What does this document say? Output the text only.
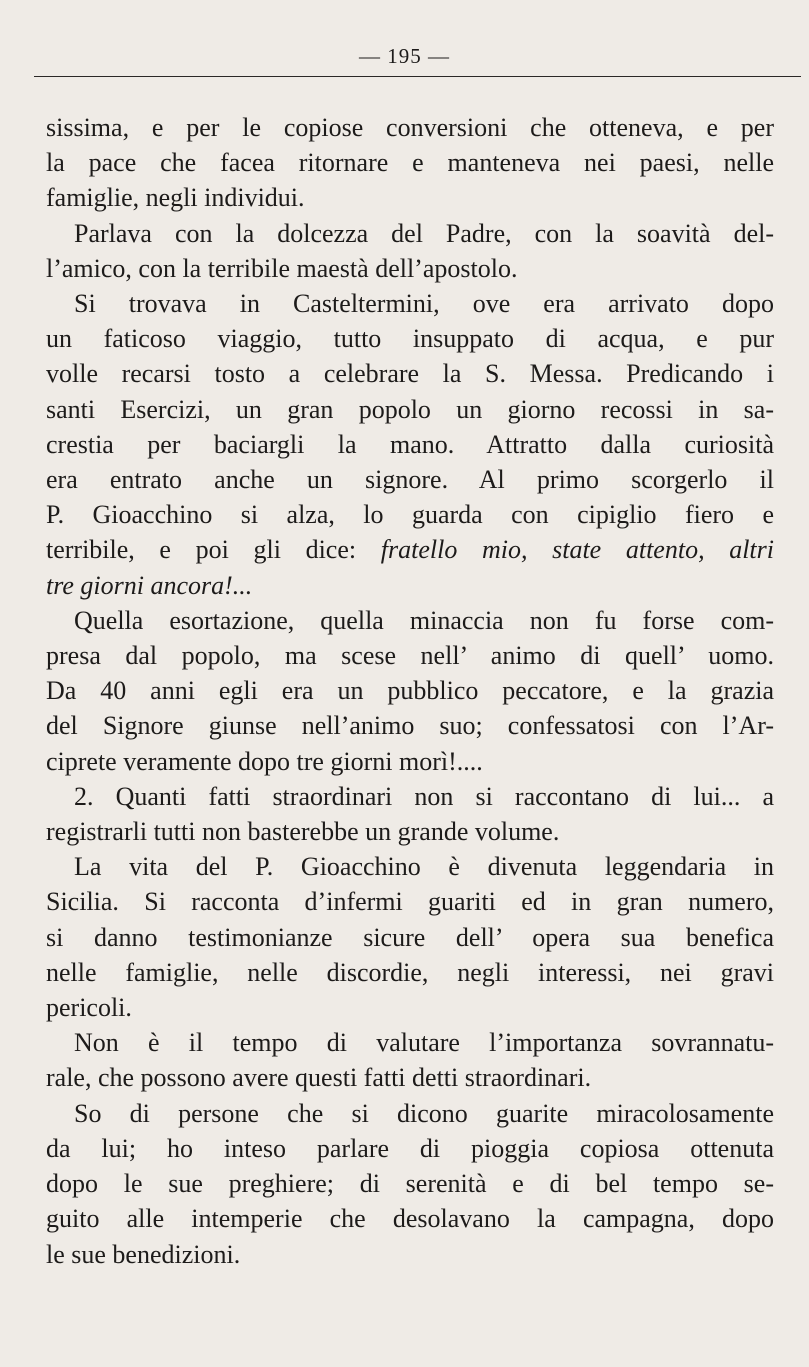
— 195 —
sissima, e per le copiose conversioni che otteneva, e per
la pace che facea ritornare e manteneva nei paesi, nelle
famiglie, negli individui.
Parlava con la dolcezza del Padre, con la soavità del-
l’amico, con la terribile maestà dell’apostolo.
Si trovava in Casteltermini, ove era arrivato dopo
un faticoso viaggio, tutto insuppato di acqua, e pur
volle recarsi tosto a celebrare la S. Messa. Predicando i
santi Esercizi, un gran popolo un giorno recossi in sa-
crestia per baciargli la mano. Attratto dalla curiosità
era entrato anche un signore. Al primo scorgerlo il
P. Gioacchino si alza, lo guarda con cipiglio fiero e
terribile, e poi gli dice: fratello mio, state attento, altri
tre giorni ancora!...
Quella esortazione, quella minaccia non fu forse com-
presa dal popolo, ma scese nell’ animo di quell’ uomo.
Da 40 anni egli era un pubblico peccatore, e la grazia
del Signore giunse nell’animo suo; confessatosi con l’Ar-
ciprete veramente dopo tre giorni morì!....
2. Quanti fatti straordinari non si raccontano di lui... a
registrarli tutti non basterebbe un grande volume.
La vita del P. Gioacchino è divenuta leggendaria in
Sicilia. Si racconta d’infermi guariti ed in gran numero,
si danno testimonianze sicure dell’ opera sua benefica
nelle famiglie, nelle discordie, negli interessi, nei gravi
pericoli.
Non è il tempo di valutare l’importanza sovrannatu-
rale, che possono avere questi fatti detti straordinari.
So di persone che si dicono guarite miracolosamente
da lui; ho inteso parlare di pioggia copiosa ottenuta
dopo le sue preghiere; di serenità e di bel tempo se-
guito alle intemperie che desolavano la campagna, dopo
le sue benedizioni.
